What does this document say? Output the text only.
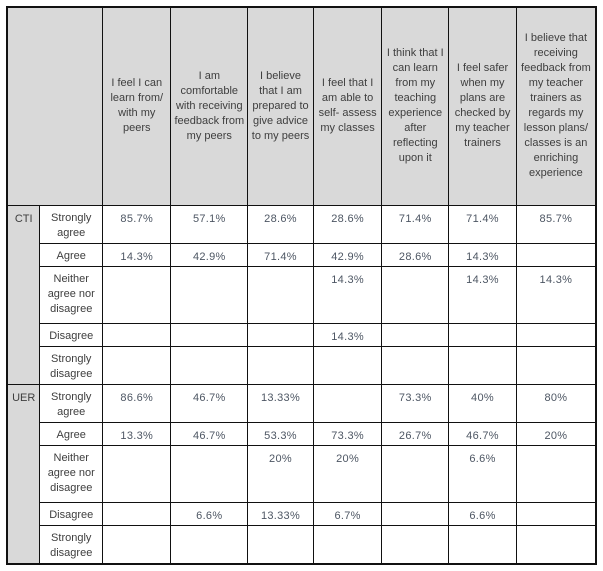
		I feel I can learn from/ with my peers	I am comfortable with receiving feedback from my peers	I believe that I am prepared to give advice to my peers	I feel that I am able to self- assess my classes	I think that I can learn from my teaching experience after reflecting upon it	I feel safer when my plans are checked by my teacher trainers	I believe that receiving feedback from my teacher trainers as regards my lesson plans/ classes is an enriching experience
CTI	Strongly agree	85.7%	57.1%	28.6%	28.6%	71.4%	71.4%	85.7%
	Agree	14.3%	42.9%	71.4%	42.9%	28.6%	14.3%	
	Neither agree nor disagree				14.3%		14.3%	14.3%
	Disagree				14.3%			
	Strongly disagree							
UER	Strongly agree	86.6%	46.7%	13.33%		73.3%	40%	80%
	Agree	13.3%	46.7%	53.3%	73.3%	26.7%	46.7%	20%
	Neither agree nor disagree			20%	20%		6.6%	
	Disagree		6.6%	13.33%	6.7%		6.6%	
	Strongly disagree							
